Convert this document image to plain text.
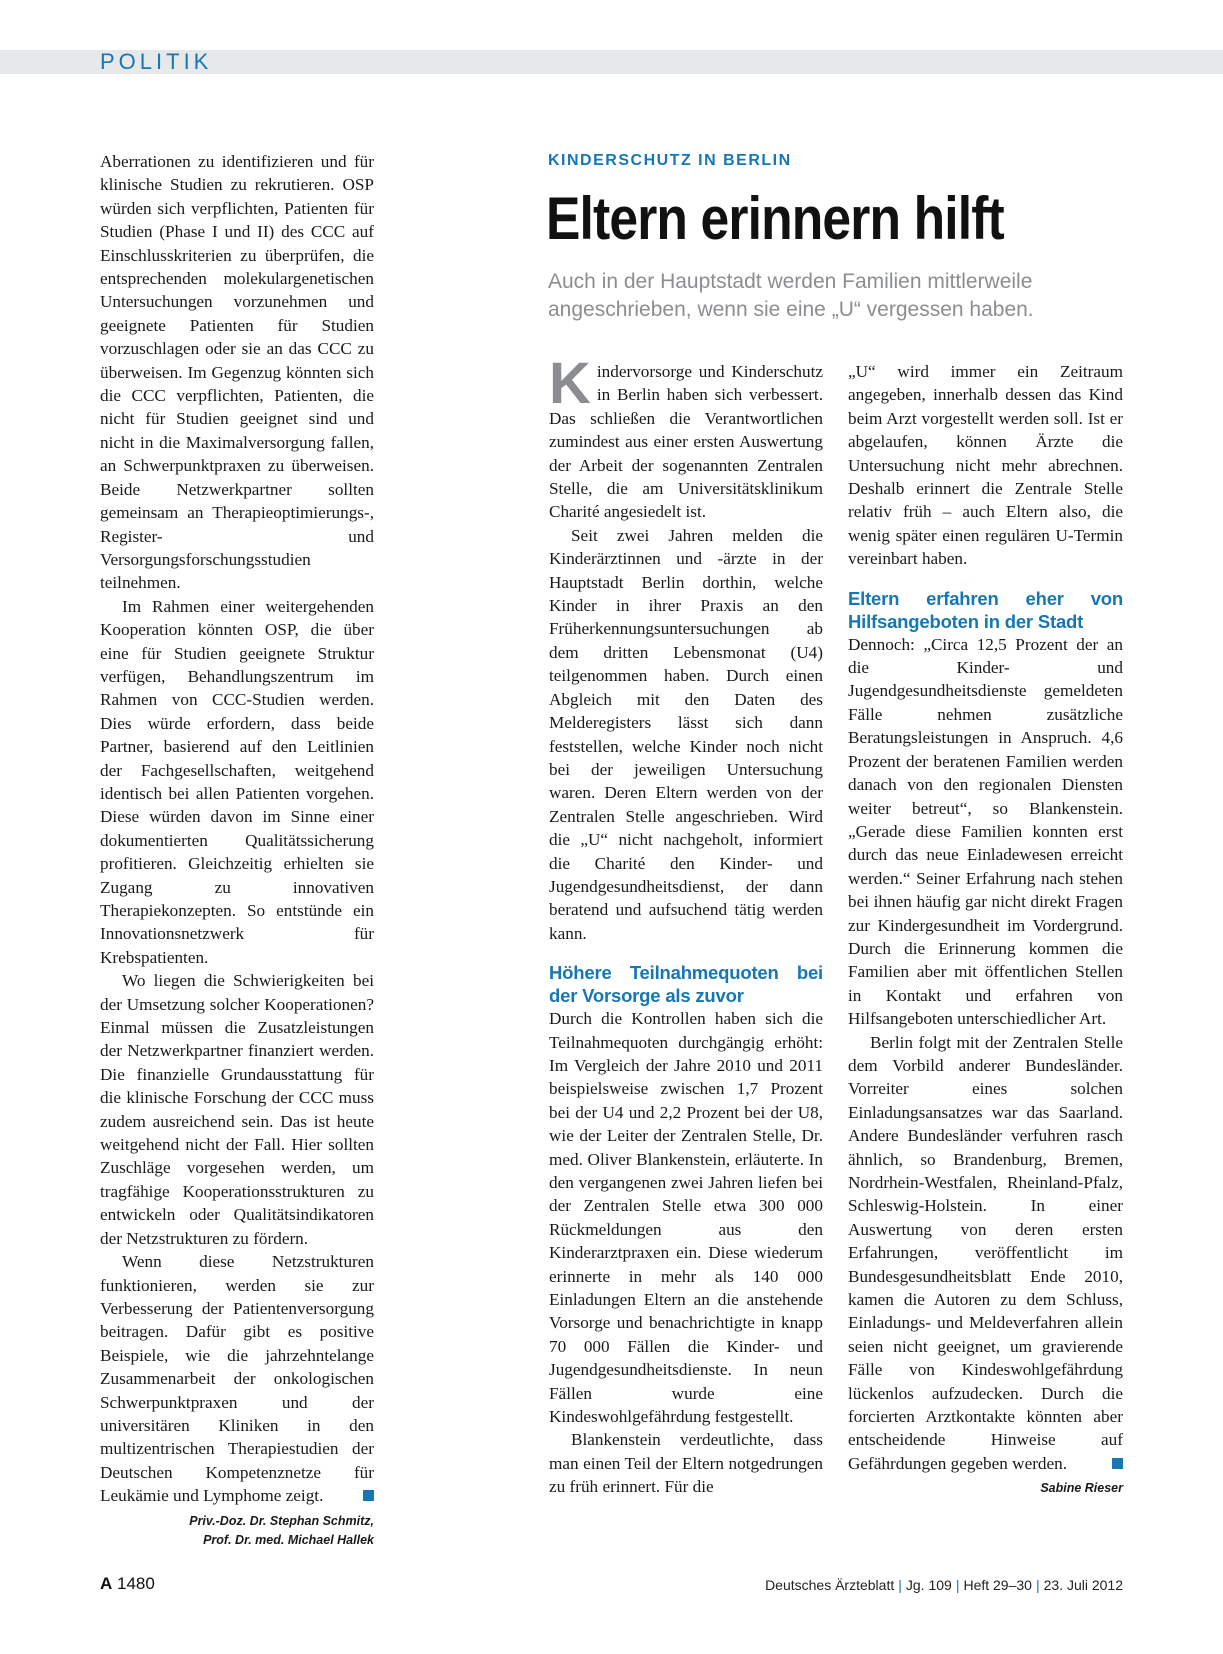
POLITIK

Aberrationen zu identifizieren und für klinische Studien zu rekrutieren. OSP würden sich verpflichten, Patienten für Studien (Phase I und II) des CCC auf Einschlusskriterien zu überprüfen, die entsprechenden molekulargenetischen Untersuchungen vorzunehmen und geeignete Patienten für Studien vorzuschlagen oder sie an das CCC zu überweisen. Im Gegenzug könnten sich die CCC verpflichten, Patienten, die nicht für Studien geeignet sind und nicht in die Maximalversorgung fallen, an Schwerpunktpraxen zu überweisen. Beide Netzwerkpartner sollten gemeinsam an Therapieoptimierungs-, Register- und Versorgungsforschungsstudien teilnehmen.

Im Rahmen einer weitergehenden Kooperation könnten OSP, die über eine für Studien geeignete Struktur verfügen, Behandlungszentrum im Rahmen von CCC-Studien werden. Dies würde erfordern, dass beide Partner, basierend auf den Leitlinien der Fachgesellschaften, weitgehend identisch bei allen Patienten vorgehen. Diese würden davon im Sinne einer dokumentierten Qualitätssicherung profitieren. Gleichzeitig erhielten sie Zugang zu innovativen Therapiekonzepten. So entstünde ein Innovationsnetzwerk für Krebspatienten.

Wo liegen die Schwierigkeiten bei der Umsetzung solcher Kooperationen? Einmal müssen die Zusatzleistungen der Netzwerkpartner finanziert werden. Die finanzielle Grundausstattung für die klinische Forschung der CCC muss zudem ausreichend sein. Das ist heute weitgehend nicht der Fall. Hier sollten Zuschläge vorgesehen werden, um tragfähige Kooperationsstrukturen zu entwickeln oder Qualitätsindikatoren der Netzstrukturen zu fördern.

Wenn diese Netzstrukturen funktionieren, werden sie zur Verbesserung der Patientenversorgung beitragen. Dafür gibt es positive Beispiele, wie die jahrzehntelange Zusammenarbeit der onkologischen Schwerpunktpraxen und der universitären Kliniken in den multizentrischen Therapiestudien der Deutschen Kompetenznetze für Leukämie und Lymphome zeigt.

Priv.-Doz. Dr. Stephan Schmitz,
Prof. Dr. med. Michael Hallek
KINDERSCHUTZ IN BERLIN
Eltern erinnern hilft
Auch in der Hauptstadt werden Familien mittlerweile angeschrieben, wenn sie eine „U“ vergessen haben.

Kindervorsorge und Kinderschutz in Berlin haben sich verbessert. Das schließen die Verantwortlichen zumindest aus einer ersten Auswertung der Arbeit der sogenannten Zentralen Stelle, die am Universitätsklinikum Charité angesiedelt ist.

Seit zwei Jahren melden die Kinderärztinnen und -ärzte in der Hauptstadt Berlin dorthin, welche Kinder in ihrer Praxis an den Früherkennungsuntersuchungen ab dem dritten Lebensmonat (U4) teilgenommen haben. Durch einen Abgleich mit den Daten des Melderegisters lässt sich dann feststellen, welche Kinder noch nicht bei der jeweiligen Untersuchung waren. Deren Eltern werden von der Zentralen Stelle angeschrieben. Wird die „U“ nicht nachgeholt, informiert die Charité den Kinder- und Jugendgesundheitsdienst, der dann beratend und aufsuchend tätig werden kann.

Höhere Teilnahmequoten bei der Vorsorge als zuvor

Durch die Kontrollen haben sich die Teilnahmequoten durchgängig erhöht: Im Vergleich der Jahre 2010 und 2011 beispielsweise zwischen 1,7 Prozent bei der U4 und 2,2 Prozent bei der U8, wie der Leiter der Zentralen Stelle, Dr. med. Oliver Blankenstein, erläuterte. In den vergangenen zwei Jahren liefen bei der Zentralen Stelle etwa 300 000 Rückmeldungen aus den Kinderarztpraxen ein. Diese wiederum erinnerte in mehr als 140 000 Einladungen Eltern an die anstehende Vorsorge und benachrichtigte in knapp 70 000 Fällen die Kinder- und Jugendgesundheitsdienste. In neun Fällen wurde eine Kindeswohlgefährdung festgestellt.

Blankenstein verdeutlichte, dass man einen Teil der Eltern notgedrungen zu früh erinnert. Für die

„U“ wird immer ein Zeitraum angegeben, innerhalb dessen das Kind beim Arzt vorgestellt werden soll. Ist er abgelaufen, können Ärzte die Untersuchung nicht mehr abrechnen. Deshalb erinnert die Zentrale Stelle relativ früh – auch Eltern also, die wenig später einen regulären U-Termin vereinbart haben.

Eltern erfahren eher von Hilfsangeboten in der Stadt

Dennoch: „Circa 12,5 Prozent der an die Kinder- und Jugendgesundheitsdienste gemeldeten Fälle nehmen zusätzliche Beratungsleistungen in Anspruch. 4,6 Prozent der beratenen Familien werden danach von den regionalen Diensten weiter betreut“, so Blankenstein. „Gerade diese Familien konnten erst durch das neue Einladewesen erreicht werden.“ Seiner Erfahrung nach stehen bei ihnen häufig gar nicht direkt Fragen zur Kindergesundheit im Vordergrund. Durch die Erinnerung kommen die Familien aber mit öffentlichen Stellen in Kontakt und erfahren von Hilfsangeboten unterschiedlicher Art.

Berlin folgt mit der Zentralen Stelle dem Vorbild anderer Bundesländer. Vorreiter eines solchen Einladungsansatzes war das Saarland. Andere Bundesländer verfuhren rasch ähnlich, so Brandenburg, Bremen, Nordrhein-Westfalen, Rheinland-Pfalz, Schleswig-Holstein. In einer Auswertung von deren ersten Erfahrungen, veröffentlicht im Bundesgesundheitsblatt Ende 2010, kamen die Autoren zu dem Schluss, Einladungs- und Meldeverfahren allein seien nicht geeignet, um gravierende Fälle von Kindeswohlgefährdung lückenlos aufzudecken. Durch die forcierten Arztkontakte könnten aber entscheidende Hinweise auf Gefährdungen gegeben werden.

Sabine Rieser
A 1480	Deutsches Ärzteblatt | Jg. 109 | Heft 29–30 | 23. Juli 2012
